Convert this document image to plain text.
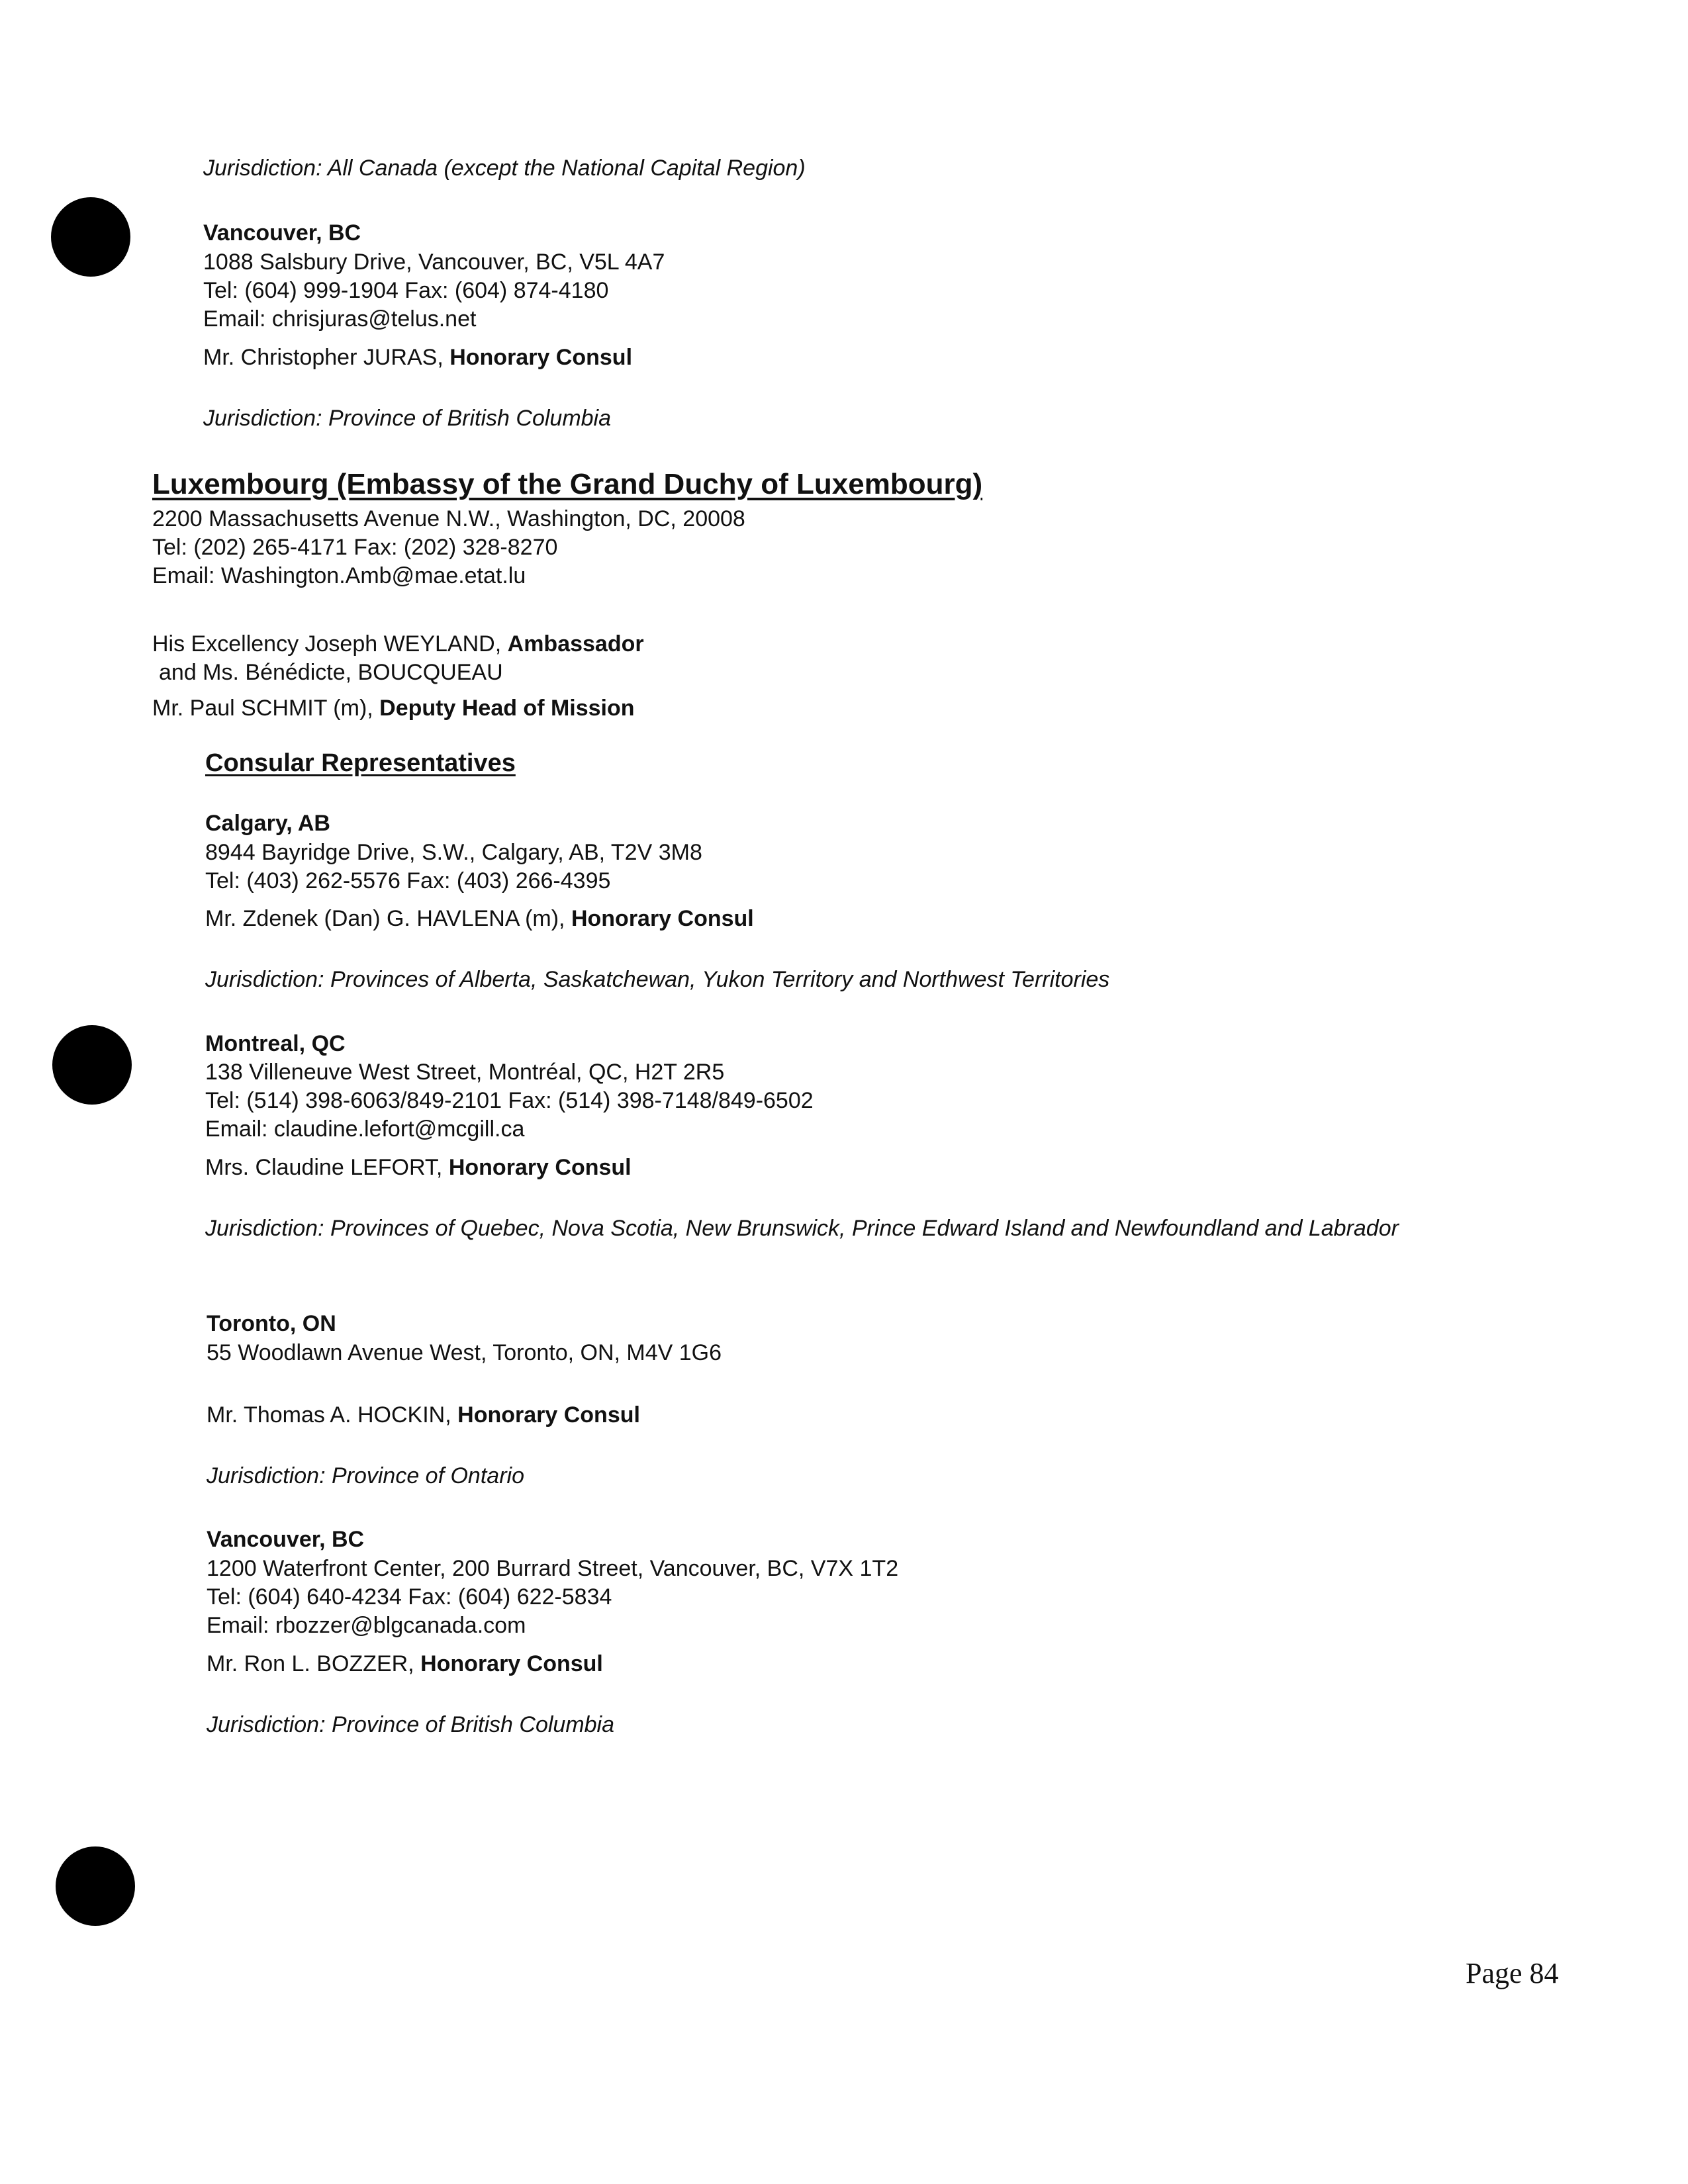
Jurisdiction: All Canada (except the National Capital Region)
Vancouver, BC
1088 Salsbury Drive, Vancouver, BC, V5L 4A7
Tel: (604) 999-1904 Fax: (604) 874-4180
Email: chrisjuras@telus.net
Mr. Christopher JURAS, Honorary Consul
Jurisdiction: Province of British Columbia
Luxembourg (Embassy of the Grand Duchy of Luxembourg)
2200 Massachusetts Avenue N.W., Washington, DC, 20008
Tel: (202) 265-4171 Fax: (202) 328-8270
Email: Washington.Amb@mae.etat.lu
His Excellency Joseph WEYLAND, Ambassador
and Ms. Bénédicte, BOUCQUEAU
Mr. Paul SCHMIT (m), Deputy Head of Mission
Consular Representatives
Calgary, AB
8944 Bayridge Drive, S.W., Calgary, AB, T2V 3M8
Tel: (403) 262-5576 Fax: (403) 266-4395
Mr. Zdenek (Dan) G. HAVLENA (m), Honorary Consul
Jurisdiction: Provinces of Alberta, Saskatchewan, Yukon Territory and Northwest Territories
Montreal, QC
138 Villeneuve West Street, Montréal, QC, H2T 2R5
Tel: (514) 398-6063/849-2101 Fax: (514) 398-7148/849-6502
Email: claudine.lefort@mcgill.ca
Mrs. Claudine LEFORT, Honorary Consul
Jurisdiction: Provinces of Quebec, Nova Scotia, New Brunswick, Prince Edward Island and Newfoundland and Labrador
Toronto, ON
55 Woodlawn Avenue West, Toronto, ON, M4V 1G6
Mr. Thomas A. HOCKIN, Honorary Consul
Jurisdiction: Province of Ontario
Vancouver, BC
1200 Waterfront Center, 200 Burrard Street, Vancouver, BC, V7X 1T2
Tel: (604) 640-4234 Fax: (604) 622-5834
Email: rbozzer@blgcanada.com
Mr. Ron L. BOZZER, Honorary Consul
Jurisdiction: Province of British Columbia
Page 84
